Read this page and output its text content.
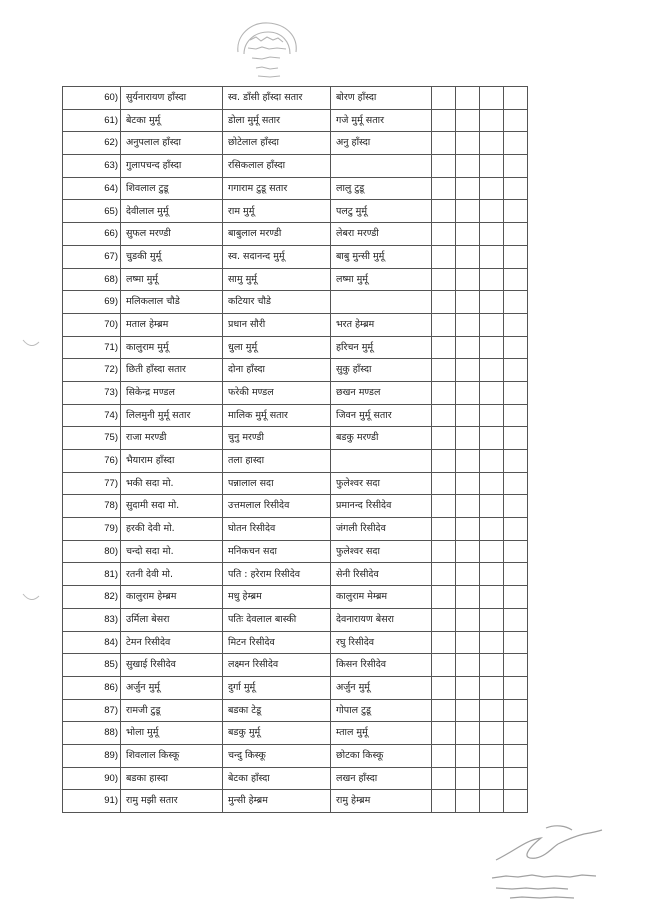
60)	सुर्यनारायण हाँस्दा	स्व. डाँसी हाँस्दा सतार	बोरण हाँस्दा				
61)	बेटका मुर्मू	डोला मुर्मू सतार	गजे मुर्मू सतार				
62)	अनुपलाल हाँस्दा	छोटेलाल हाँस्दा	अनु हाँस्दा				
63)	गुलापचन्द हाँस्दा	रसिकलाल हाँस्दा					
64)	शिवलाल टुडू	गगाराम टुडू सतार	लालु टुडू				
65)	देवीलाल मुर्मू	राम मुर्मू	पलटु मुर्मू				
66)	सुफल मरण्डी	बाबुलाल मरण्डी	लेबरा मरण्डी				
67)	चुडकी मुर्मू	स्व. सदानन्द मुर्मू	बाबु मुन्सी मुर्मू				
68)	लष्मा मुर्मू	सामु मुर्मू	लष्मा मुर्मू				
69)	मलिकलाल चौडे	कटियार चौडे					
70)	मताल हेम्ब्रम	प्रधान सौरी	भरत हेम्ब्रम				
71)	कालुराम मुर्मू	धुला मुर्मू	हरिचन मुर्मू				
72)	छिती हाँस्दा सतार	दोना हाँस्दा	सुकु हाँस्दा				
73)	सिकेन्द्र मण्डल	फरेकी मण्डल	छखन मण्डल				
74)	लिलमुनी मुर्मू सतार	मालिक मुर्मू सतार	जिवन मुर्मू सतार				
75)	राजा मरण्डी	चुनु मरण्डी	बडकु मरण्डी				
76)	भैयाराम हाँस्दा	तला हास्दा					
77)	भकी सदा मो.	पन्नालाल सदा	फुलेश्वर सदा				
78)	सुदामी सदा मो.	उत्तमलाल रिसीदेव	प्रमानन्द रिसीदेव				
79)	हरकी देवी मो.	घोतन रिसीदेव	जंगली रिसीदेव				
80)	चन्दो सदा मो.	मनिकचन सदा	फुलेश्वर सदा				
81)	रतनी देवी मो.	पति : हरेराम रिसीदेव	सेनी रिसीदेव				
82)	कालुराम हेम्ब्रम	मधु हेम्ब्रम	कालुराम मेम्ब्रम				
83)	उर्मिला बेसरा	पतिः देवलाल बास्की	देवनारायण बेसरा				
84)	टेमन रिसीदेव	मिटन रिसीदेव	रघु रिसीदेव				
85)	सुखाई रिसीदेव	लक्ष्मन रिसीदेव	किसन रिसीदेव				
86)	अर्जुन मुर्मू	दुर्गा मुर्मू	अर्जुन मुर्मू				
87)	रामजी टुडू	बडका टेडू	गोपाल टुडू				
88)	भोला मुर्मू	बडकु मुर्मू	म्ताल मुर्मू				
89)	शिवलाल किस्कू	चन्दु किस्कू	छोटका किस्कू				
90)	बडका हास्दा	बेटका हाँस्दा	लखन हाँस्दा				
91)	रामु मझी सतार	मुन्सी हेम्ब्रम	रामु हेम्ब्रम				
